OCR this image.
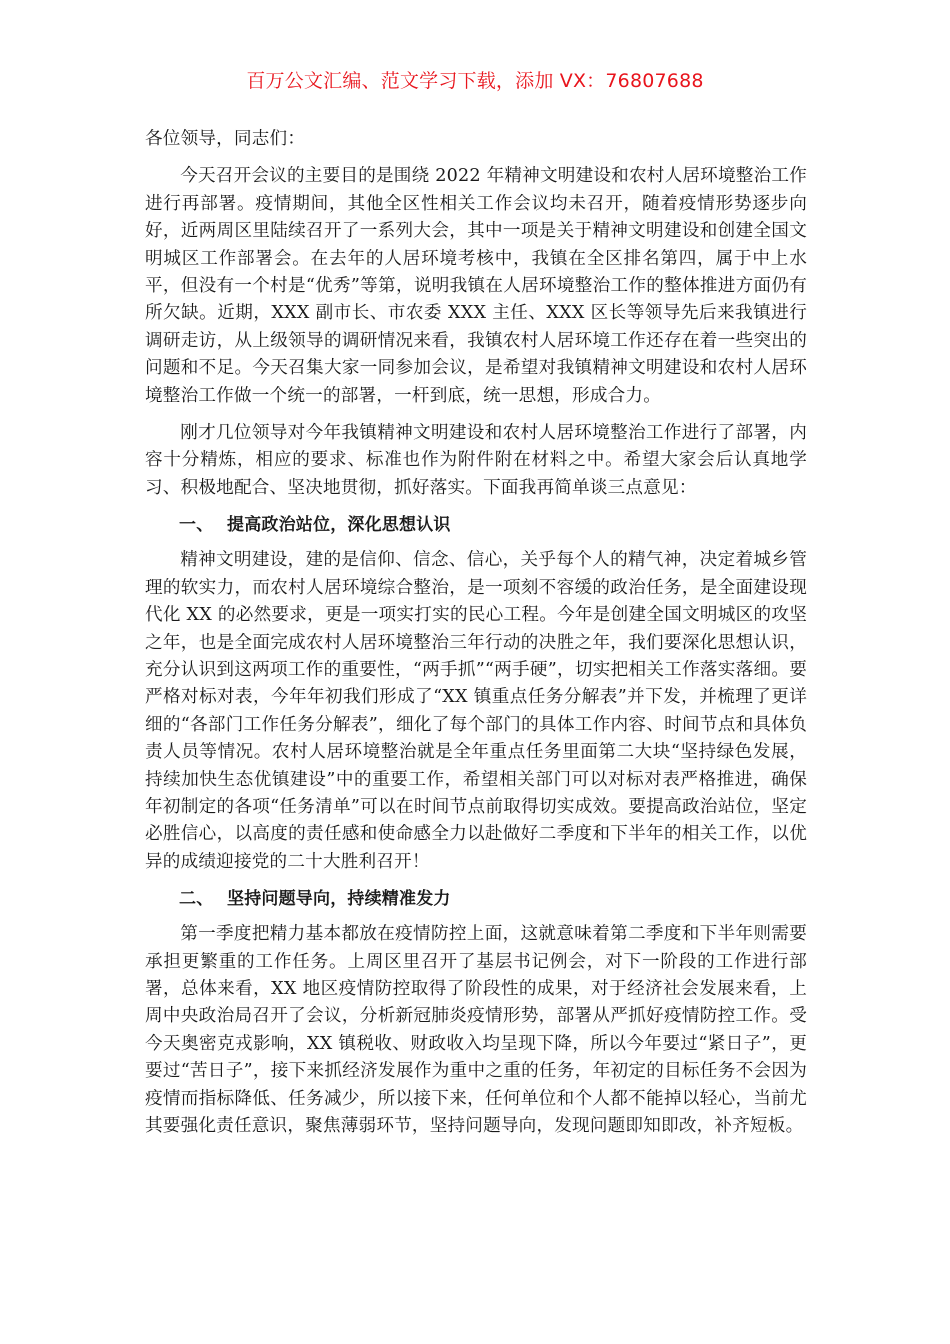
百万公文汇编、范文学习下载，添加 VX：76807688

各位领导，同志们：

今天召开会议的主要目的是围绕 2022 年精神文明建设和农村人居环境整治工作进行再部署。疫情期间，其他全区性相关工作会议均未召开，随着疫情形势逐步向好，近两周区里陆续召开了一系列大会，其中一项是关于精神文明建设和创建全国文明城区工作部署会。在去年的人居环境考核中，我镇在全区排名第四，属于中上水平，但没有一个村是“优秀”等第，说明我镇在人居环境整治工作的整体推进方面仍有所欠缺。近期，XXX 副市长、市农委 XXX 主任、XXX 区长等领导先后来我镇进行调研走访，从上级领导的调研情况来看，我镇农村人居环境工作还存在着一些突出的问题和不足。今天召集大家一同参加会议，是希望对我镇精神文明建设和农村人居环境整治工作做一个统一的部署，一杆到底，统一思想，形成合力。

刚才几位领导对今年我镇精神文明建设和农村人居环境整治工作进行了部署，内容十分精炼，相应的要求、标准也作为附件附在材料之中。希望大家会后认真地学习、积极地配合、坚决地贯彻，抓好落实。下面我再简单谈三点意见：

一、 提高政治站位，深化思想认识

精神文明建设，建的是信仰、信念、信心，关乎每个人的精气神，决定着城乡管理的软实力，而农村人居环境综合整治，是一项刻不容缓的政治任务，是全面建设现代化 XX 的必然要求，更是一项实打实的民心工程。今年是创建全国文明城区的攻坚之年，也是全面完成农村人居环境整治三年行动的决胜之年，我们要深化思想认识，充分认识到这两项工作的重要性，“两手抓”“两手硬”，切实把相关工作落实落细。要严格对标对表，今年年初我们形成了“XX 镇重点任务分解表”并下发，并梳理了更详细的“各部门工作任务分解表”，细化了每个部门的具体工作内容、时间节点和具体负责人员等情况。农村人居环境整治就是全年重点任务里面第二大块“坚持绿色发展，持续加快生态优镇建设”中的重要工作，希望相关部门可以对标对表严格推进，确保年初制定的各项“任务清单”可以在时间节点前取得切实成效。要提高政治站位，坚定必胜信心，以高度的责任感和使命感全力以赴做好二季度和下半年的相关工作，以优异的成绩迎接党的二十大胜利召开！

二、 坚持问题导向，持续精准发力

第一季度把精力基本都放在疫情防控上面，这就意味着第二季度和下半年则需要承担更繁重的工作任务。上周区里召开了基层书记例会，对下一阶段的工作进行部署，总体来看，XX 地区疫情防控取得了阶段性的成果，对于经济社会发展来看，上周中央政治局召开了会议，分析新冠肺炎疫情形势，部署从严抓好疫情防控工作。受今天奥密克戎影响，XX 镇税收、财政收入均呈现下降，所以今年要过“紧日子”，更要过“苦日子”，接下来抓经济发展作为重中之重的任务，年初定的目标任务不会因为疫情而指标降低、任务减少，所以接下来，任何单位和个人都不能掉以轻心，当前尤其要强化责任意识，聚焦薄弱环节，坚持问题导向，发现问题即知即改，补齐短板。
